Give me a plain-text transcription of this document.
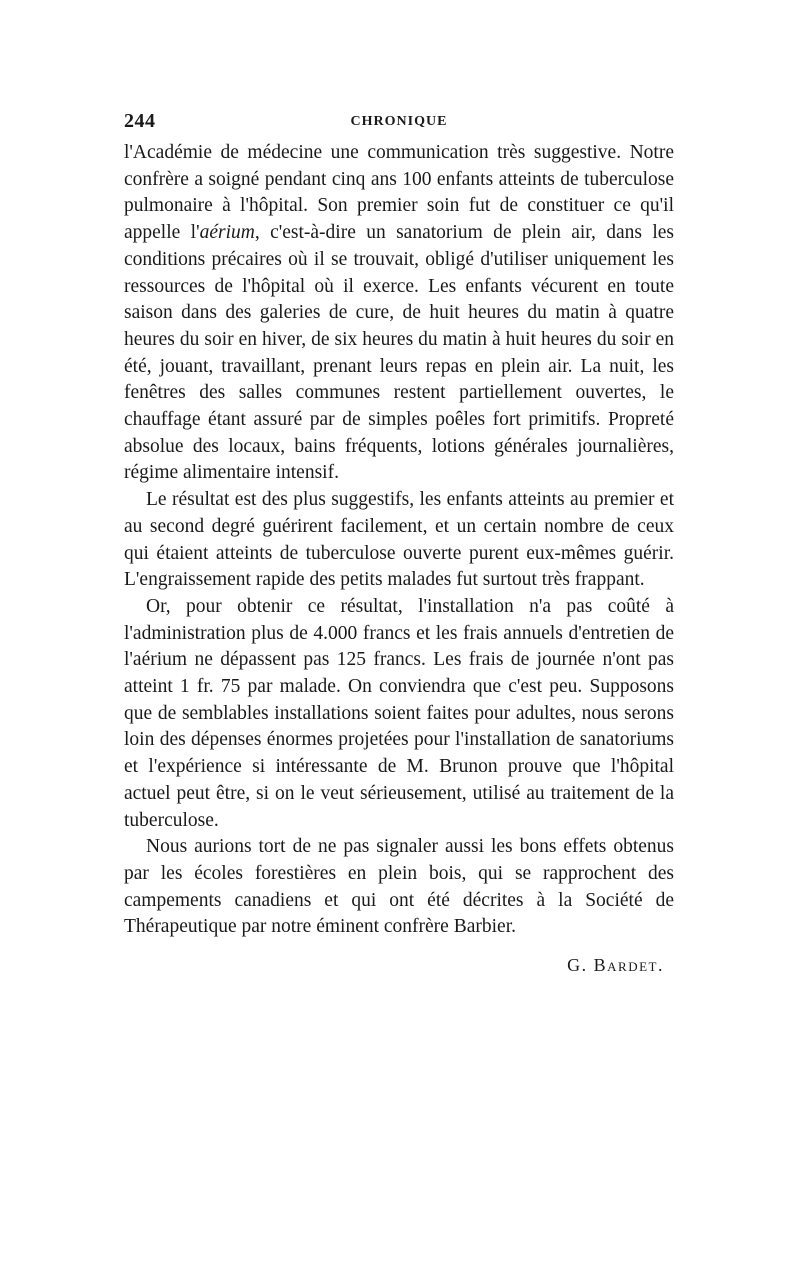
244	CHRONIQUE

l'Académie de médecine une communication très suggestive. Notre confrère a soigné pendant cinq ans 100 enfants atteints de tuberculose pulmonaire à l'hôpital. Son premier soin fut de constituer ce qu'il appelle l'aérium, c'est-à-dire un sanatorium de plein air, dans les conditions précaires où il se trouvait, obligé d'utiliser uniquement les ressources de l'hôpital où il exerce. Les enfants vécurent en toute saison dans des galeries de cure, de huit heures du matin à quatre heures du soir en hiver, de six heures du matin à huit heures du soir en été, jouant, travaillant, prenant leurs repas en plein air. La nuit, les fenêtres des salles communes restent partiellement ouvertes, le chauffage étant assuré par de simples poêles fort primitifs. Propreté absolue des locaux, bains fréquents, lotions générales journalières, régime alimentaire intensif.

Le résultat est des plus suggestifs, les enfants atteints au premier et au second degré guérirent facilement, et un certain nombre de ceux qui étaient atteints de tuberculose ouverte purent eux-mêmes guérir. L'engraissement rapide des petits malades fut surtout très frappant.

Or, pour obtenir ce résultat, l'installation n'a pas coûté à l'administration plus de 4.000 francs et les frais annuels d'entretien de l'aérium ne dépassent pas 125 francs. Les frais de journée n'ont pas atteint 1 fr. 75 par malade. On conviendra que c'est peu. Supposons que de semblables installations soient faites pour adultes, nous serons loin des dépenses énormes projetées pour l'installation de sanatoriums et l'expérience si intéressante de M. Brunon prouve que l'hôpital actuel peut être, si on le veut sérieusement, utilisé au traitement de la tuberculose.

Nous aurions tort de ne pas signaler aussi les bons effets obtenus par les écoles forestières en plein bois, qui se rapprochent des campements canadiens et qui ont été décrites à la Société de Thérapeutique par notre éminent confrère Barbier.

G. Bardet.
